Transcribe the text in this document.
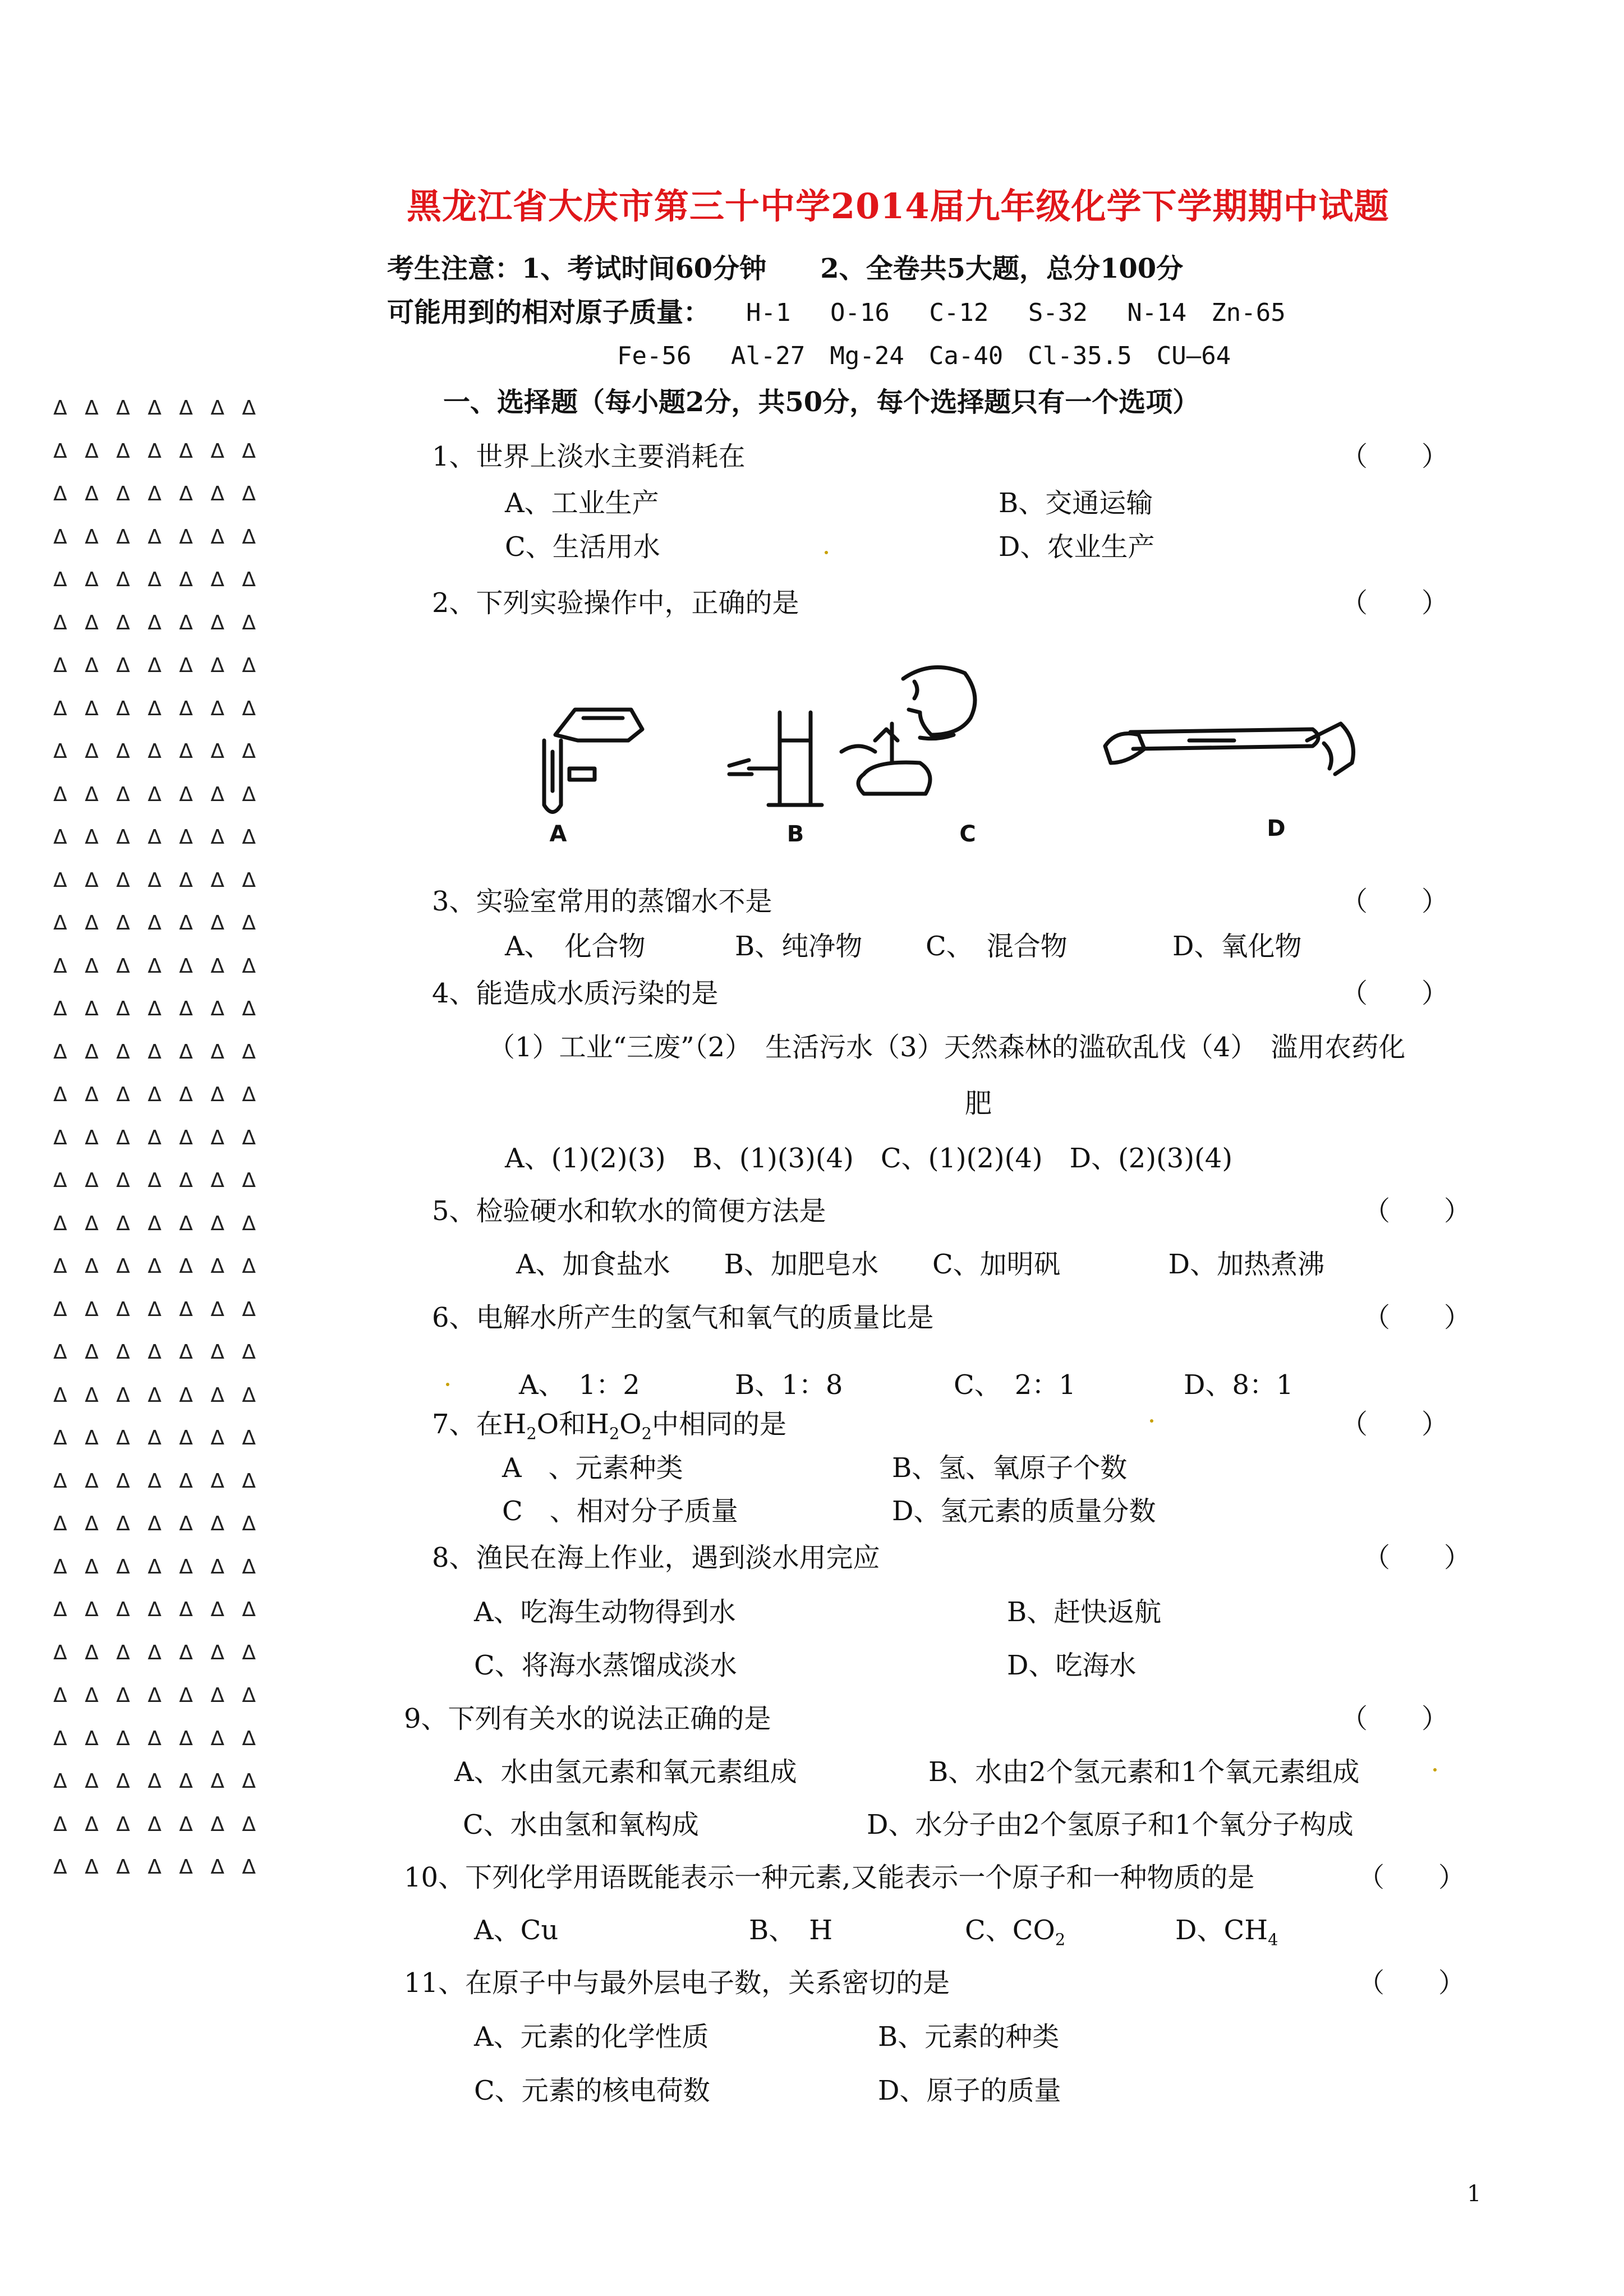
黑龙江省大庆市第三十中学2014届九年级化学下学期期中试题
考生注意：1、考试时间60分钟　　2、全卷共5大题，总分100分
可能用到的相对原子质量： H-1　 O-16　 C-12　 S-32　 N-14　Zn-65
Fe-56　 Al-27　Mg-24　Ca-40　Cl-35.5　CU—64
Δ Δ Δ Δ Δ Δ Δ
Δ Δ Δ Δ Δ Δ Δ
Δ Δ Δ Δ Δ Δ Δ
Δ Δ Δ Δ Δ Δ Δ
Δ Δ Δ Δ Δ Δ Δ
Δ Δ Δ Δ Δ Δ Δ
Δ Δ Δ Δ Δ Δ Δ
Δ Δ Δ Δ Δ Δ Δ
Δ Δ Δ Δ Δ Δ Δ
Δ Δ Δ Δ Δ Δ Δ
Δ Δ Δ Δ Δ Δ Δ
Δ Δ Δ Δ Δ Δ Δ
Δ Δ Δ Δ Δ Δ Δ
Δ Δ Δ Δ Δ Δ Δ
Δ Δ Δ Δ Δ Δ Δ
Δ Δ Δ Δ Δ Δ Δ
Δ Δ Δ Δ Δ Δ Δ
Δ Δ Δ Δ Δ Δ Δ
Δ Δ Δ Δ Δ Δ Δ
Δ Δ Δ Δ Δ Δ Δ
Δ Δ Δ Δ Δ Δ Δ
Δ Δ Δ Δ Δ Δ Δ
Δ Δ Δ Δ Δ Δ Δ
Δ Δ Δ Δ Δ Δ Δ
Δ Δ Δ Δ Δ Δ Δ
Δ Δ Δ Δ Δ Δ Δ
Δ Δ Δ Δ Δ Δ Δ
Δ Δ Δ Δ Δ Δ Δ
Δ Δ Δ Δ Δ Δ Δ
Δ Δ Δ Δ Δ Δ Δ
Δ Δ Δ Δ Δ Δ Δ
Δ Δ Δ Δ Δ Δ Δ
Δ Δ Δ Δ Δ Δ Δ
Δ Δ Δ Δ Δ Δ Δ
Δ Δ Δ Δ Δ Δ Δ
一、选择题（每小题2分，共50分，每个选择题只有一个选项）
1、世界上淡水主要消耗在	（　　）
A、工业生产	B、交通运输
C、生活用水	D、农业生产
2、下列实验操作中，正确的是	（　　）
A	B	C	D
3、实验室常用的蒸馏水不是	（　　）
A、　化合物	B、纯净物 C、　混合物	D、氧化物
4、能造成水质污染的是	（　　）
（1）工业“三废”（2）　生活污水（3）天然森林的滥砍乱伐（4）　滥用农药化
肥
A、(1)(2)(3)　B、(1)(3)(4)　C、(1)(2)(4)　D、(2)(3)(4)
5、检验硬水和软水的简便方法是	（　　）
A、加食盐水　　B、加肥皂水　　C、加明矾　　　　D、加热煮沸
6、电解水所产生的氢气和氧气的质量比是	（　　）
A、　1：2	B、1：8	C、　2：1	D、8：1
7、在$H_2O$和$H_2O_2$中相同的是	（　　）
A　、元素种类	B、氢、氧原子个数
C　、相对分子质量	D、氢元素的质量分数
8、渔民在海上作业，遇到淡水用完应	（　　）
A、吃海生动物得到水	B、赶快返航
C、将海水蒸馏成淡水	D、吃海水
9、下列有关水的说法正确的是	（　　）
A、水由氢元素和氧元素组成	B、水由2个氢元素和1个氧元素组成
C、水由氢和氧构成	D、水分子由2个氢原子和1个氧分子构成
10、下列化学用语既能表示一种元素,又能表示一个原子和一种物质的是	（　　）
A、Cu	B、　H	C、$CO_2$	D、$CH_4$
11、在原子中与最外层电子数，关系密切的是	（　　）
A、元素的化学性质	B、元素的种类
C、元素的核电荷数	D、原子的质量
1
